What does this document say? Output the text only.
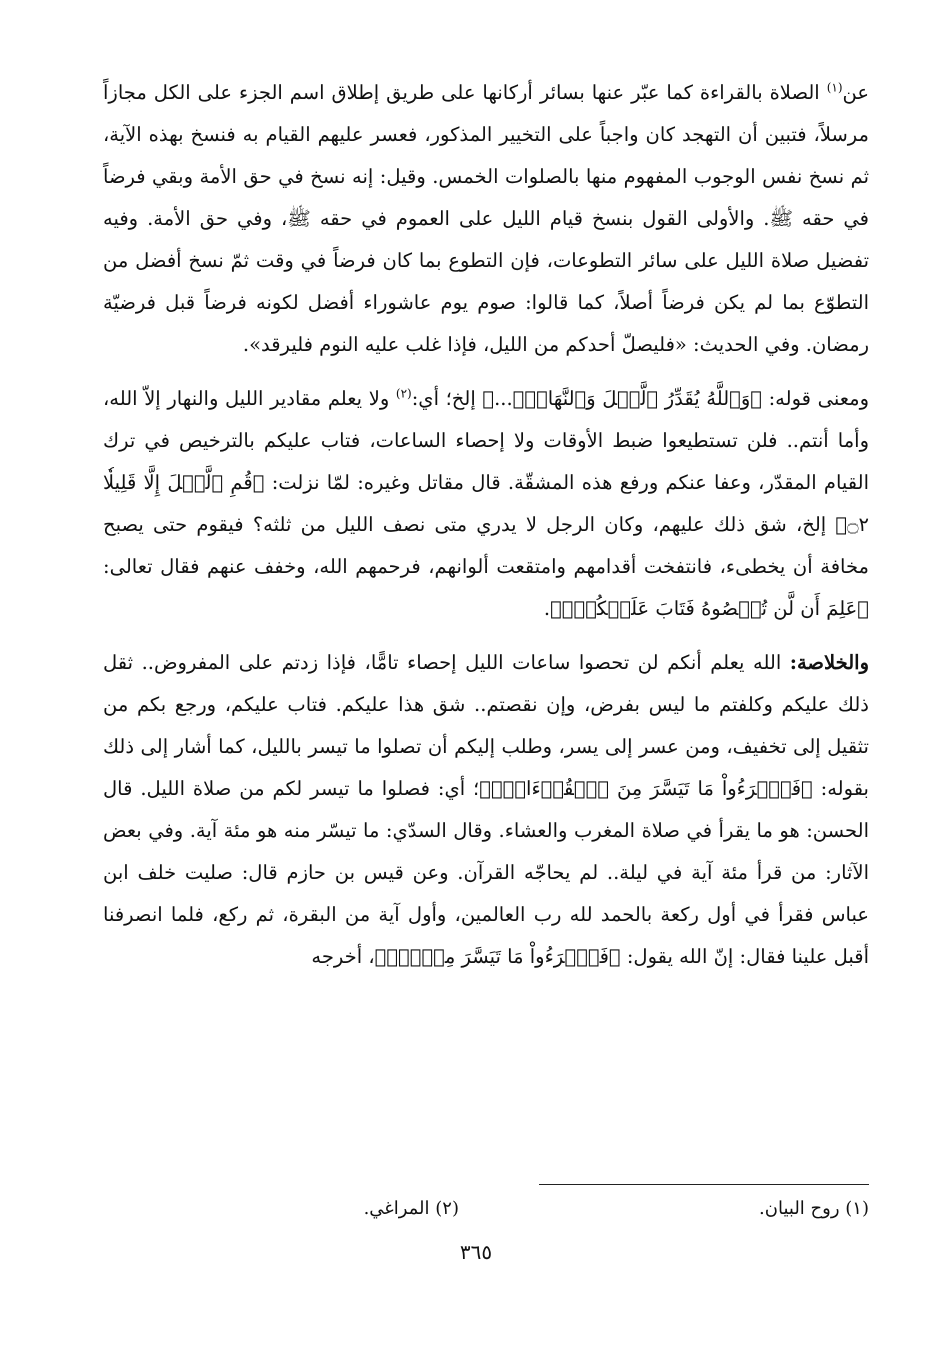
عن$^{(١)}$ الصلاة بالقراءة كما عبّر عنها بسائر أركانها على طريق إطلاق اسم الجزء على الكل مجازاً مرسلاً، فتبين أن التهجد كان واجباً على التخيير المذكور، فعسر عليهم القيام به فنسخ بهذه الآية، ثم نسخ نفس الوجوب المفهوم منها بالصلوات الخمس. وقيل: إنه نسخ في حق الأمة وبقي فرضاً في حقه ﷺ. والأولى القول بنسخ قيام الليل على العموم في حقه ﷺ، وفي حق الأمة. وفيه تفضيل صلاة الليل على سائر التطوعات، فإن التطوع بما كان فرضاً في وقت ثمّ نسخ أفضل من التطوّع بما لم يكن فرضاً أصلاً، كما قالوا: صوم يوم عاشوراء أفضل لكونه فرضاً قبل فرضيّة رمضان. وفي الحديث: «فليصلّ أحدكم من الليل، فإذا غلب عليه النوم فليرقد».

ومعنى قوله: ﴿وَٱللَّهُ يُقَدِّرُ ٱلَّيۡلَ وَٱلنَّهَارَۚ...﴾ إلخ؛ أي:$^{(٢)}$ ولا يعلم مقادير الليل والنهار إلاّ الله، وأما أنتم.. فلن تستطيعوا ضبط الأوقات ولا إحصاء الساعات، فتاب عليكم بالترخيص في ترك القيام المقدّر، وعفا عنكم ورفع هذه المشقّة. قال مقاتل وغيره: لمّا نزلت: ﴿قُمِ ٱلَّيۡلَ إِلَّا قَلِيلٗا ۝٢﴾ إلخ، شق ذلك عليهم، وكان الرجل لا يدري متى نصف الليل من ثلثه؟ فيقوم حتى يصبح مخافة أن يخطىء، فانتفخت أقدامهم وامتقعت ألوانهم، فرحمهم الله، وخفف عنهم فقال تعالى: ﴿عَلِمَ أَن لَّن تُحۡصُوهُ فَتَابَ عَلَيۡكُمۡۖ﴾.

والخلاصة: الله يعلم أنكم لن تحصوا ساعات الليل إحصاء تامًّا، فإذا زدتم على المفروض.. ثقل ذلك عليكم وكلفتم ما ليس بفرض، وإن نقصتم.. شق هذا عليكم. فتاب عليكم، ورجع بكم من تثقيل إلى تخفيف، ومن عسر إلى يسر، وطلب إليكم أن تصلوا ما تيسر بالليل، كما أشار إلى ذلك بقوله: ﴿فَٱقۡرَءُواْ مَا تَيَسَّرَ مِنَ ٱلۡقُرۡءَانِۚ﴾؛ أي: فصلوا ما تيسر لكم من صلاة الليل. قال الحسن: هو ما يقرأ في صلاة المغرب والعشاء. وقال السدّي: ما تيسّر منه هو مئة آية. وفي بعض الآثار: من قرأ مئة آية في ليلة.. لم يحاجّه القرآن. وعن قيس بن حازم قال: صليت خلف ابن عباس فقرأ في أول ركعة بالحمد لله رب العالمين، وأول آية من البقرة، ثم ركع، فلما انصرفنا أقبل علينا فقال: إنّ الله يقول: ﴿فَٱقۡرَءُواْ مَا تَيَسَّرَ مِنۡهُۚ﴾، أخرجه

(١) روح البيان.
(٢) المراغي.
٣٦٥
